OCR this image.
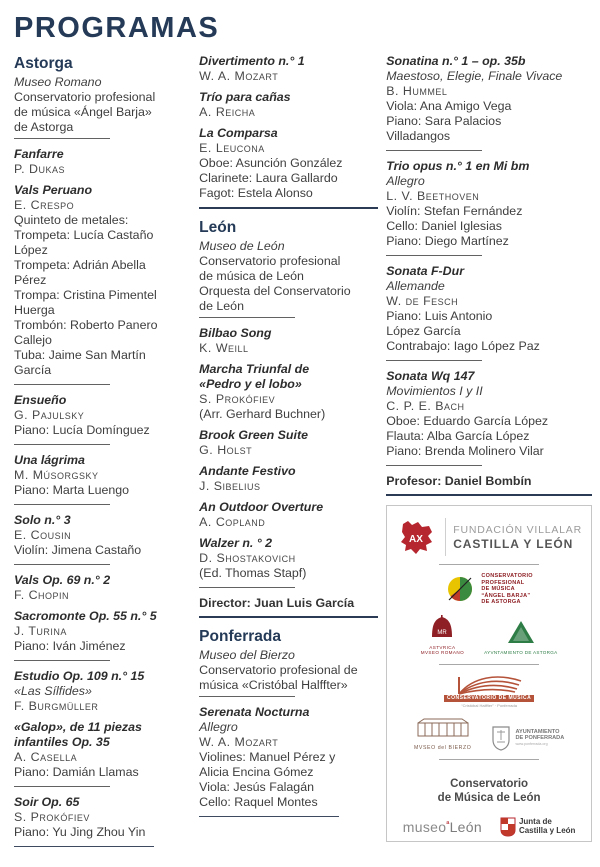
PROGRAMAS
Astorga
Museo Romano
Conservatorio profesional
de música «Ángel Barja»
de Astorga
Fanfarre
P. Dukas
Vals Peruano
E. Crespo
Quinteto de metales:
Trompeta: Lucía Castaño
López
Trompeta: Adrián Abella
Pérez
Trompa: Cristina Pimentel
Huerga
Trombón: Roberto Panero
Callejo
Tuba: Jaime San Martín
García
Ensueño
G. Pajulsky
Piano: Lucía Domínguez
Una lágrima
M. Músorgsky
Piano: Marta Luengo
Solo n.° 3
E. Cousin
Violín: Jimena Castaño
Vals Op. 69 n.° 2
F. Chopin
Sacromonte Op. 55 n.° 5
J. Turina
Piano: Iván Jiménez
Estudio Op. 109 n.° 15
«Las Sílfides»
F. Burgmüller
«Galop», de 11 piezas
infantiles Op. 35
A. Casella
Piano: Damián Llamas
Soir Op. 65
S. Prokófiev
Piano: Yu Jing Zhou Yin
Divertimento n.° 1
W. A. Mozart
Trío para cañas
A. Reicha
La Comparsa
E. Leucona
Oboe: Asunción González
Clarinete: Laura Gallardo
Fagot: Estela Alonso
León
Museo de León
Conservatorio profesional
de música de León
Orquesta del Conservatorio
de León
Bilbao Song
K. Weill
Marcha Triunfal de
«Pedro y el lobo»
S. Prokófiev
(Arr. Gerhard Buchner)
Brook Green Suite
G. Holst
Andante Festivo
J. Sibelius
An Outdoor Overture
A. Copland
Walzer n. ° 2
D. Shostakovich
(Ed. Thomas Stapf)
Director: Juan Luis García
Ponferrada
Museo del Bierzo
Conservatorio profesional de
música «Cristóbal Halffter»
Serenata Nocturna
Allegro
W. A. Mozart
Violines: Manuel Pérez y
Alicia Encina Gómez
Viola: Jesús Falagán
Cello: Raquel Montes
Sonatina n.° 1 – op. 35b
Maestoso, Elegie, Finale Vivace
B. Hummel
Viola: Ana Amigo Vega
Piano: Sara Palacios
Villadangos
Trio opus n.° 1 en Mi bm
Allegro
L. V. Beethoven
Violín: Stefan Fernández
Cello: Daniel Iglesias
Piano: Diego Martínez
Sonata F-Dur
Allemande
W. de Fesch
Piano: Luis Antonio
López García
Contrabajo: Iago López Paz
Sonata Wq 147
Movimientos I y II
C. P. E. Bach
Oboe: Eduardo García López
Flauta: Alba García López
Piano: Brenda Molinero Vilar
Profesor: Daniel Bombín
AX
FUNDACIÓN VILLALAR
CASTILLA Y LEÓN
CONSERVATORIO
PROFESIONAL
DE MÚSICA
“ÁNGEL BARJA”
DE ASTORGA
MR
ASTVRICA
MVSEO ROMANO	AYVNTAMIENTO DE ASTORGA
CONSERVATORIO DE MÚSICA
“Cristóbal Halffter” · Ponferrada
MVSEO del BIERZO
AYUNTAMIENTO
DE PONFERRADA
www.ponferrada.org
Conservatorio
de Música de León
museo$^ª$León	Junta de
Castilla y León
